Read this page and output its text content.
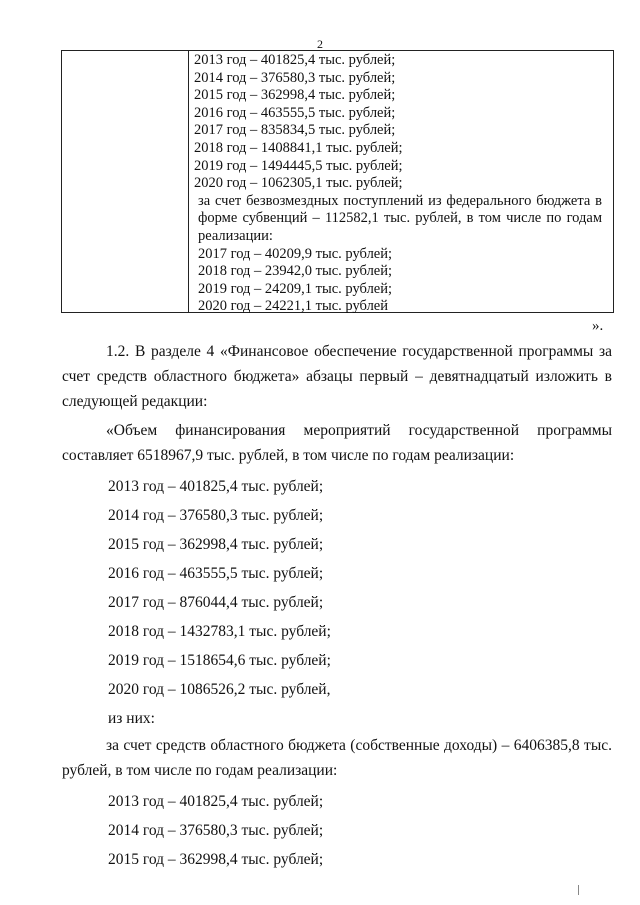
2
2013 год – 401825,4 тыс. рублей;
2014 год – 376580,3 тыс. рублей;
2015 год – 362998,4 тыс. рублей;
2016 год – 463555,5 тыс. рублей;
2017 год – 835834,5 тыс. рублей;
2018 год – 1408841,1 тыс. рублей;
2019 год – 1494445,5 тыс. рублей;
2020 год – 1062305,1 тыс. рублей;
за счет безвозмездных поступлений из федерального бюджета в форме субвенций – 112582,1 тыс. рублей, в том числе по годам реализации:
2017 год – 40209,9 тыс. рублей;
2018 год – 23942,0 тыс. рублей;
2019 год – 24209,1 тыс. рублей;
2020 год – 24221,1 тыс. рублей
».

1.2. В разделе 4 «Финансовое обеспечение государственной программы за счет средств областного бюджета» абзацы первый – девятнадцатый изложить в следующей редакции:

«Объем финансирования мероприятий государственной программы составляет 6518967,9 тыс. рублей, в том числе по годам реализации:

2013 год – 401825,4 тыс. рублей;

2014 год – 376580,3 тыс. рублей;

2015 год – 362998,4 тыс. рублей;

2016 год – 463555,5 тыс. рублей;

2017 год – 876044,4 тыс. рублей;

2018 год – 1432783,1 тыс. рублей;

2019 год – 1518654,6 тыс. рублей;

2020 год – 1086526,2 тыс. рублей,

из них:

за счет средств областного бюджета (собственные доходы) – 6406385,8 тыс. рублей, в том числе по годам реализации:

2013 год – 401825,4 тыс. рублей;

2014 год – 376580,3 тыс. рублей;

2015 год – 362998,4 тыс. рублей;
